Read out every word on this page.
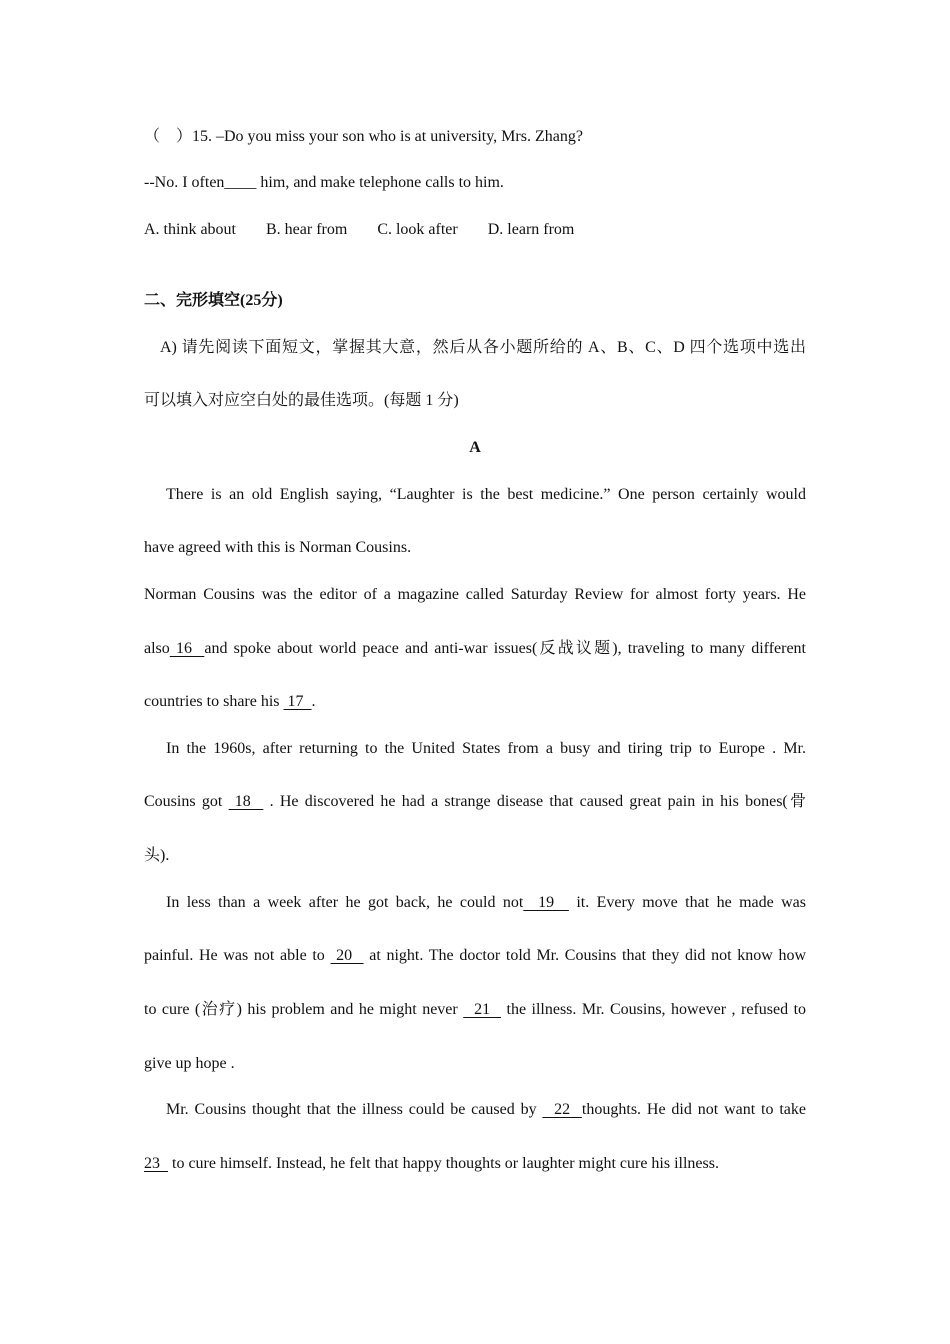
（　）15. –Do you miss your son who is at university, Mrs. Zhang?
--No. I often____ him, and make telephone calls to him.
A. think about B. hear from C. look after D. learn from
二、完形填空(25分)
A) 请先阅读下面短文，掌握其大意，然后从各小题所给的 A、B、C、D 四个选项中选出
可以填入对应空白处的最佳选项。(每题 1 分)
A
There is an old English saying, “Laughter is the best medicine.” One person certainly would
have agreed with this is Norman Cousins.
Norman Cousins was the editor of a magazine called Saturday Review for almost forty years. He
also 16  and spoke about world peace and anti-war issues(反战议题), traveling to many different
countries to share his  17  .
In the 1960s, after returning to the United States from a busy and tiring trip to Europe . Mr.
Cousins got  18   . He discovered he had a strange disease that caused great pain in his bones(骨
头).
In less than a week after he got back, he could not  19   it. Every move that he made was
painful. He was not able to  20   at night. The doctor told Mr. Cousins that they did not know how
to cure (治疗) his problem and he might never   21   the illness. Mr. Cousins, however , refused to
give up hope .
Mr. Cousins thought that the illness could be caused by   22  thoughts. He did not want to take
23   to cure himself. Instead, he felt that happy thoughts or laughter might cure his illness.
